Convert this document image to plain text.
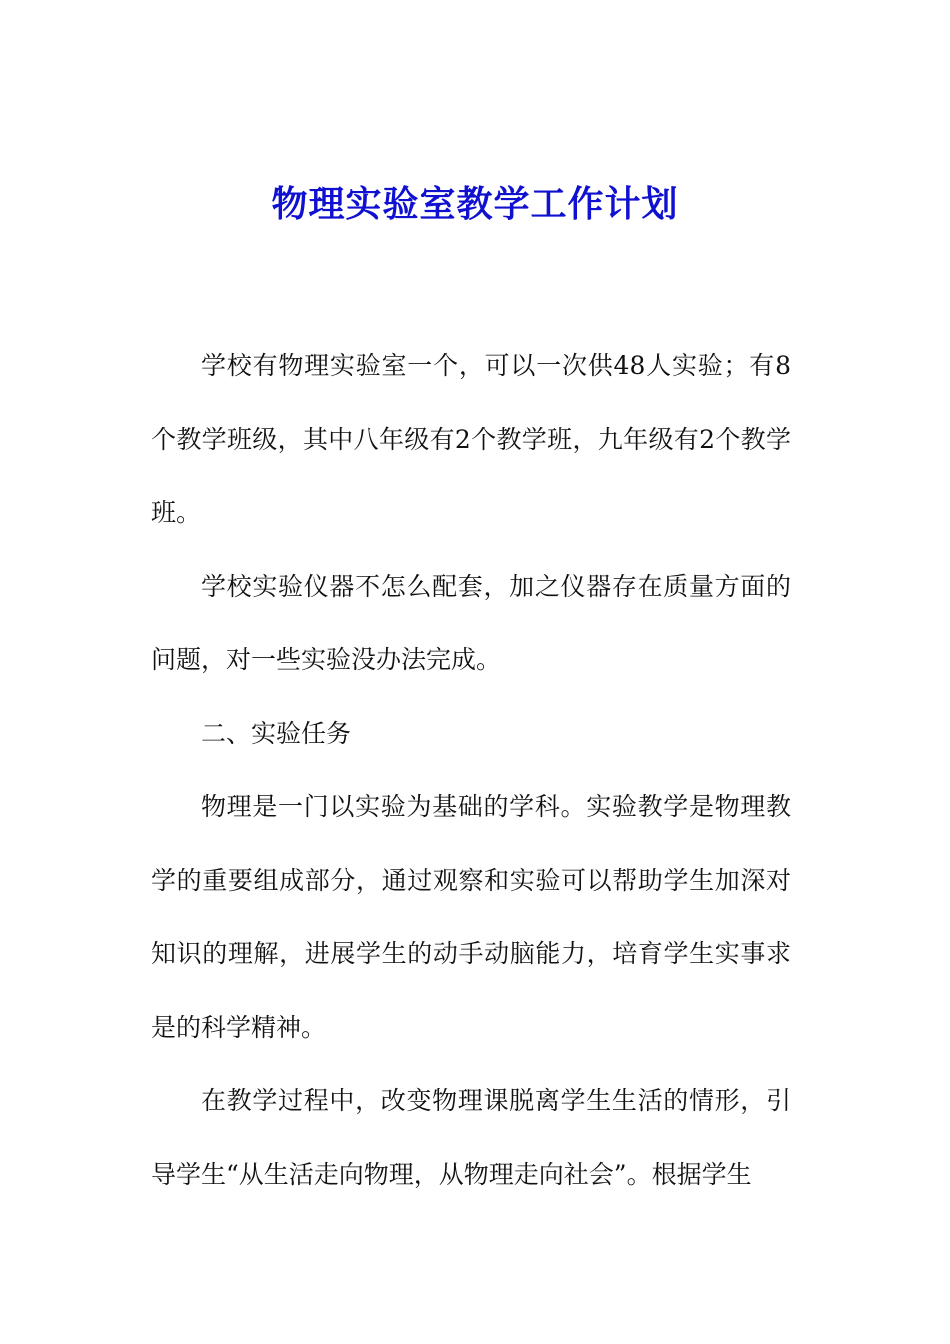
物理实验室教学工作计划

学校有物理实验室一个，可以一次供48人实验；有8个教学班级，其中八年级有2个教学班，九年级有2个教学班。

学校实验仪器不怎么配套，加之仪器存在质量方面的问题，对一些实验没办法完成。

二、实验任务

物理是一门以实验为基础的学科。实验教学是物理教学的重要组成部分，通过观察和实验可以帮助学生加深对知识的理解，进展学生的动手动脑能力，培育学生实事求是的科学精神。

在教学过程中，改变物理课脱离学生生活的情形，引导学生“从生活走向物理，从物理走向社会”。根据学生
